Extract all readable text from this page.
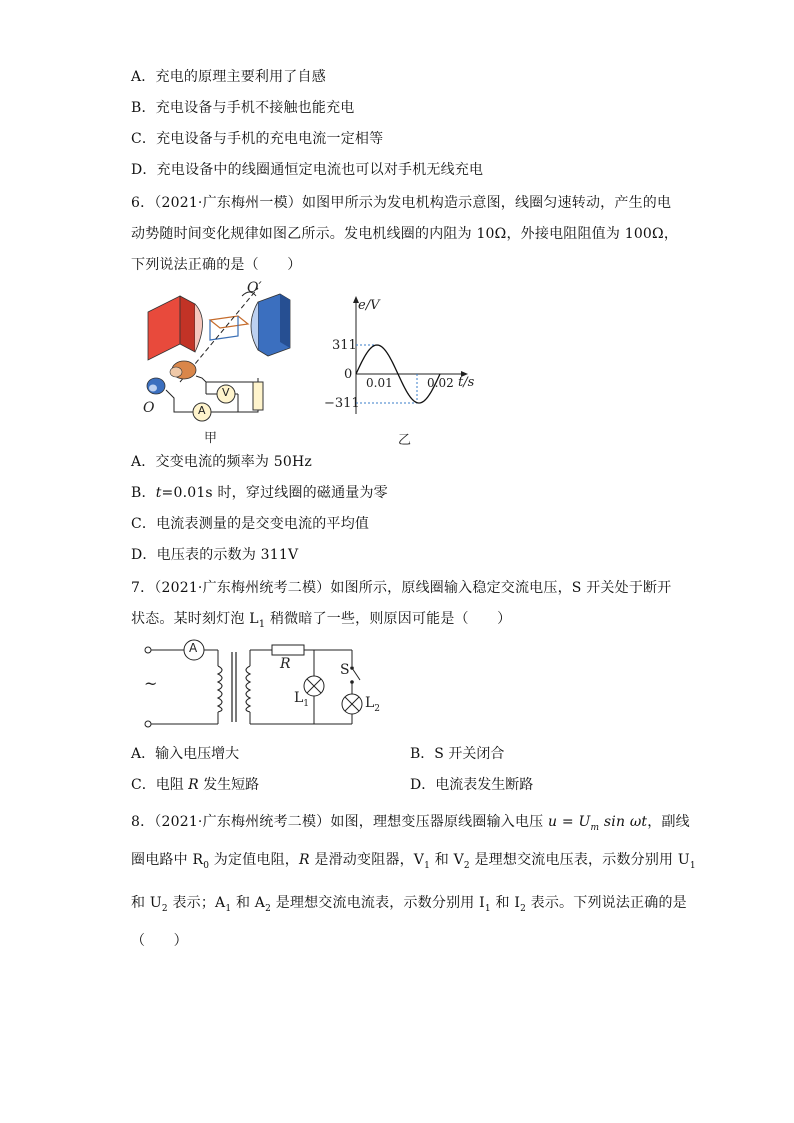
A．充电的原理主要利用了自感
B．充电设备与手机不接触也能充电
C．充电设备与手机的充电电流一定相等
D．充电设备中的线圈通恒定电流也可以对手机无线充电
6．（2021·广东梅州一模）如图甲所示为发电机构造示意图，线圈匀速转动，产生的电
动势随时间变化规律如图乙所示。发电机线圈的内阻为 10Ω，外接电阻阻值为 100Ω，
下列说法正确的是（　　）
O′
O
V
A
甲
e/V
311
0
−311
0.01	0.02 t/s
乙
A．交变电流的频率为 50Hz
B．t=0.01s 时，穿过线圈的磁通量为零
C．电流表测量的是交变电流的平均值
D．电压表的示数为 311V
7．（2021·广东梅州统考二模）如图所示，原线圈输入稳定交流电压，S 开关处于断开
状态。某时刻灯泡 $L_1$ 稍微暗了一些，则原因可能是（　　）
A
~
R	S
$L_1$	$L_2$
A．输入电压增大	B．S 开关闭合
C．电阻 R 发生短路	D．电流表发生断路
8．（2021·广东梅州统考二模）如图，理想变压器原线圈输入电压 $u = U_m$ sin ωt，副线
圈电路中 $R_0$ 为定值电阻，R 是滑动变阻器，$V_1$ 和 $V_2$ 是理想交流电压表，示数分别用 $U_1$
和 $U_2$ 表示；$A_1$ 和 $A_2$ 是理想交流电流表，示数分别用 $I_1$ 和 $I_2$ 表示。下列说法正确的是
（　　）
